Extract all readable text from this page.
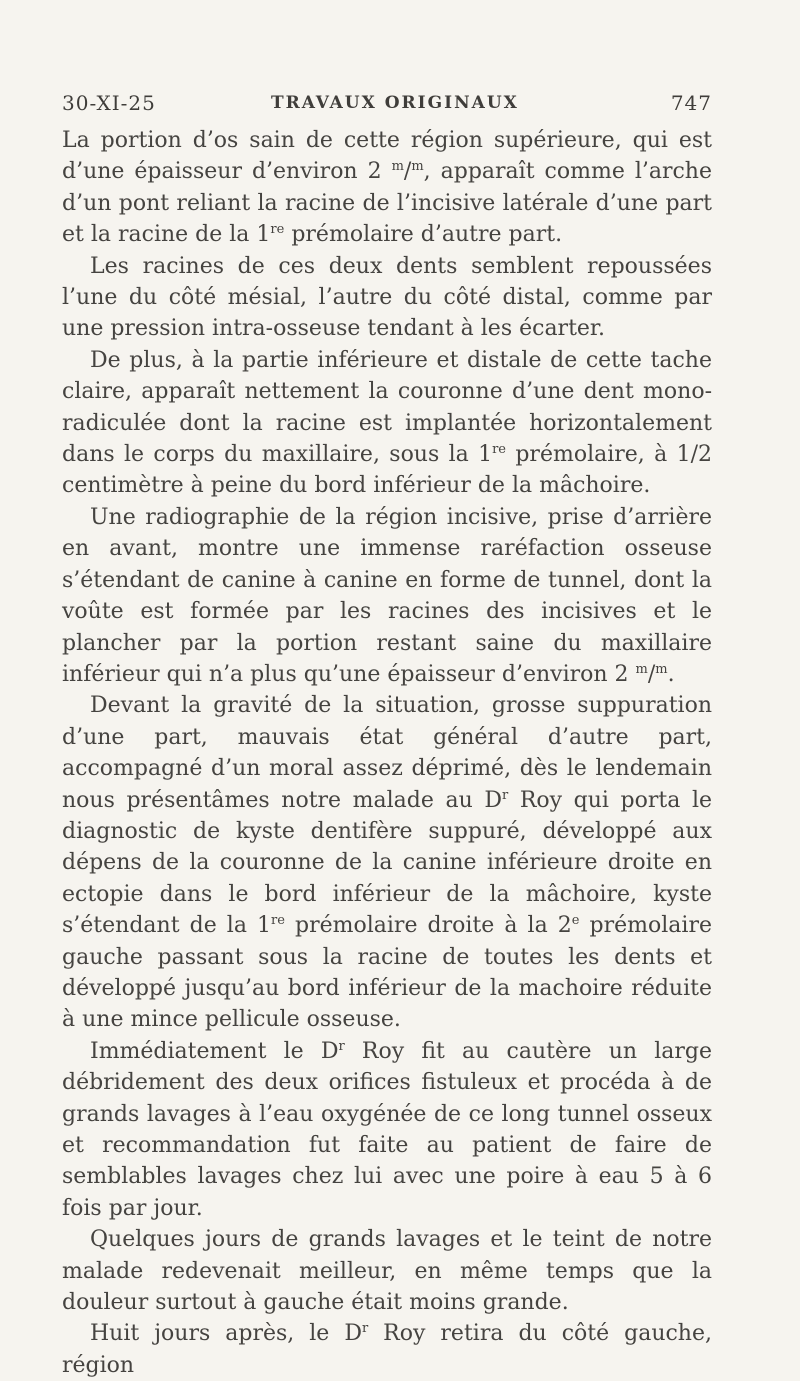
30-XI-25	TRAVAUX ORIGINAUX	747

La portion d’os sain de cette région supérieure, qui est d’une épaisseur d’environ 2 $^m$/$^m$, apparaît comme l’arche d’un pont reliant la racine de l’incisive latérale d’une part et la racine de la 1re prémolaire d’autre part.

Les racines de ces deux dents semblent repoussées l’une du côté mésial, l’autre du côté distal, comme par une pression intra-osseuse tendant à les écarter.

De plus, à la partie inférieure et distale de cette tache claire, apparaît nettement la couronne d’une dent mono-radiculée dont la racine est implantée horizontalement dans le corps du maxillaire, sous la 1re prémolaire, à 1/2 centimètre à peine du bord inférieur de la mâchoire.

Une radiographie de la région incisive, prise d’arrière en avant, montre une immense raréfaction osseuse s’étendant de canine à canine en forme de tunnel, dont la voûte est formée par les racines des incisives et le plancher par la portion restant saine du maxillaire inférieur qui n’a plus qu’une épaisseur d’environ 2 $^m$/$^m$.

Devant la gravité de la situation, grosse suppuration d’une part, mauvais état général d’autre part, accompagné d’un moral assez déprimé, dès le lendemain nous présentâmes notre malade au $D^r$ Roy qui porta le diagnostic de kyste dentifère suppuré, développé aux dépens de la couronne de la canine inférieure droite en ectopie dans le bord inférieur de la mâchoire, kyste s’étendant de la 1re prémolaire droite à la 2e prémolaire gauche passant sous la racine de toutes les dents et développé jusqu’au bord inférieur de la machoire réduite à une mince pellicule osseuse.

Immédiatement le $D^r$ Roy fit au cautère un large débridement des deux orifices fistuleux et procéda à de grands lavages à l’eau oxygénée de ce long tunnel osseux et recommandation fut faite au patient de faire de semblables lavages chez lui avec une poire à eau 5 à 6 fois par jour.

Quelques jours de grands lavages et le teint de notre malade redevenait meilleur, en même temps que la douleur surtout à gauche était moins grande.

Huit jours après, le $D^r$ Roy retira du côté gauche, région
